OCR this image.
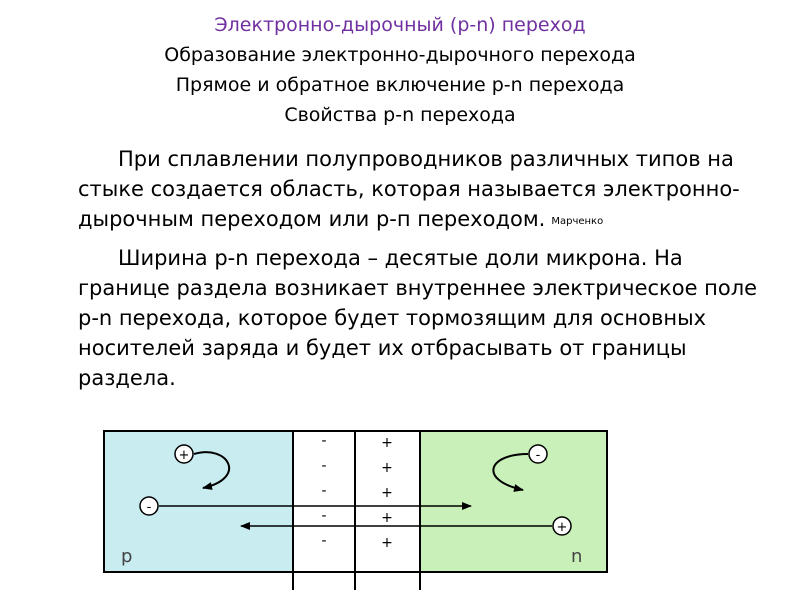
Электронно-дырочный (p-n) переход
Образование электронно-дырочного перехода
Прямое и обратное включение p-n перехода
Свойства p-n перехода

При сплавлении полупроводников различных типов на стыке создается область, которая называется электронно-дырочным переходом или р-п переходом. Марченко

Ширина p-n перехода – десятые доли микрона. На границе раздела возникает внутреннее электрическое поле p-n перехода, которое будет тормозящим для основных носителей заряда и будет их отбрасывать от границы раздела.

-
-
-
-
-
+
+
+
+
+
+
-
-
+
p	n
